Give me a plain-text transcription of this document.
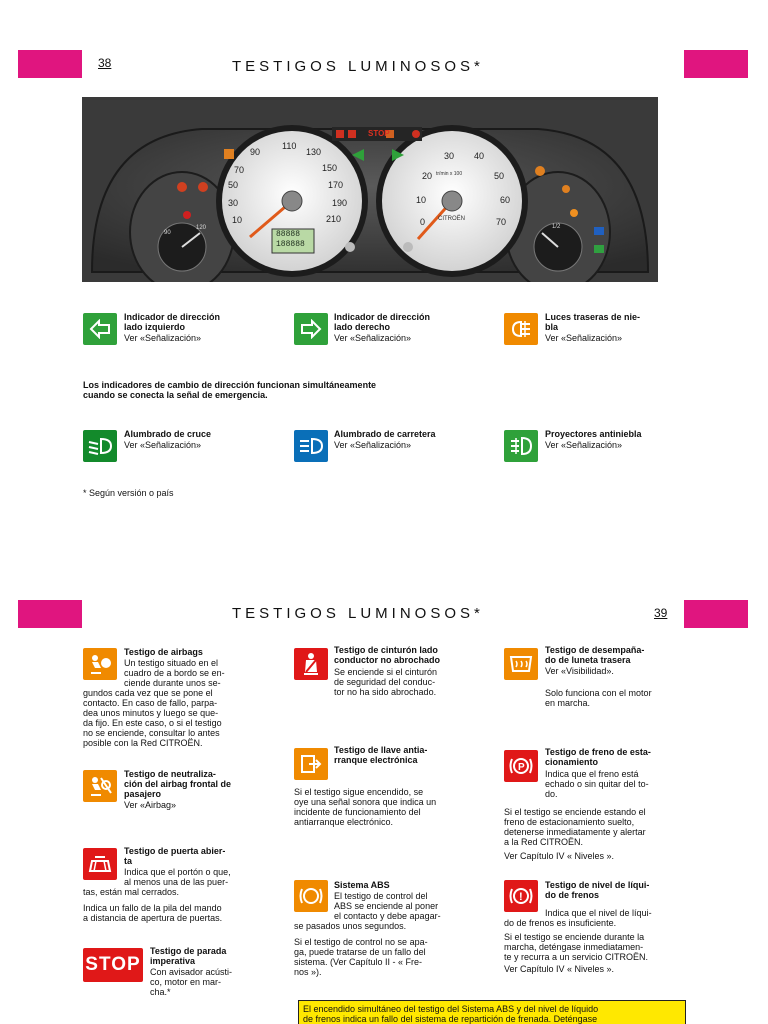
38	TESTIGOS LUMINOSOS*
90
110
130
150
70
50	170
30	190
10	210
STOP
CITROËN
30 40
20	50
10	60
70
0
tr/min x 100
88888
188888
90
120	1/2
Indicador de dirección
lado izquierdo
Ver «Señalización»
Indicador de dirección
lado derecho
Ver «Señalización»
Luces traseras de nie-
bla
Ver «Señalización»
Los indicadores de cambio de dirección funcionan simultáneamente
cuando se conecta la señal de emergencia.
Alumbrado de cruce
Ver «Señalización»
Alumbrado de carretera
Ver «Señalización»
Proyectores antiniebla
Ver «Señalización»
* Según versión o país
TESTIGOS LUMINOSOS*	39
Testigo de airbags
Un testigo situado en el
cuadro de a bordo se en-
ciende durante unos se-
gundos cada vez que se pone el
contacto. En caso de fallo, parpa-
dea unos minutos y luego se que-
da fijo. En este caso, o si el testigo
no se enciende, consultar lo antes
posible con la Red CITROËN.
Testigo de neutraliza-
ción del airbag frontal de
pasajero
Ver «Airbag»
Testigo de puerta abier-
ta
Indica que el portón o que,
al menos una de las puer-
tas, están mal cerrados.
Indica un fallo de la pila del mando
a distancia de apertura de puertas.
STOP
Testigo de parada
imperativa
Con avisador acústi-
co, motor en mar-
cha.*
Testigo de cinturón lado
conductor no abrochado
Se enciende si el cinturón
de seguridad del conduc-
tor no ha sido abrochado.
Testigo de llave antia-
rranque electrónica
Si el testigo sigue encendido, se
oye una señal sonora que indica un
incidente de funcionamiento del
antiarranque electrónico.
Sistema ABS
El testigo de control del
ABS se enciende al poner
el contacto y debe apagar-
se pasados unos segundos.
Si el testigo de control no se apa-
ga, puede tratarse de un fallo del
sistema. (Ver Capítulo II - « Fre-
nos »).
Testigo de desempaña-
do de luneta trasera
Ver «Visibilidad».
Solo funciona con el motor
en marcha.
P
Testigo de freno de esta-
cionamiento
Indica que el freno está
echado o sin quitar del to-
do.
Si el testigo se enciende estando el
freno de estacionamiento suelto,
detenerse inmediatamente y alertar
a la Red CITROËN.
Ver Capítulo IV « Niveles ».
!
Testigo de nivel de líqui-
do de frenos
Indica que el nivel de líqui-
do de frenos es insuficiente.
Si el testigo se enciende durante la
marcha, deténgase inmediatamen-
te y recurra a un servicio CITROËN.
Ver Capítulo IV « Niveles ».
El encendido simultáneo del testigo del Sistema ABS y del nivel de líquido
de frenos indica un fallo del sistema de repartición de frenada. Deténgase
